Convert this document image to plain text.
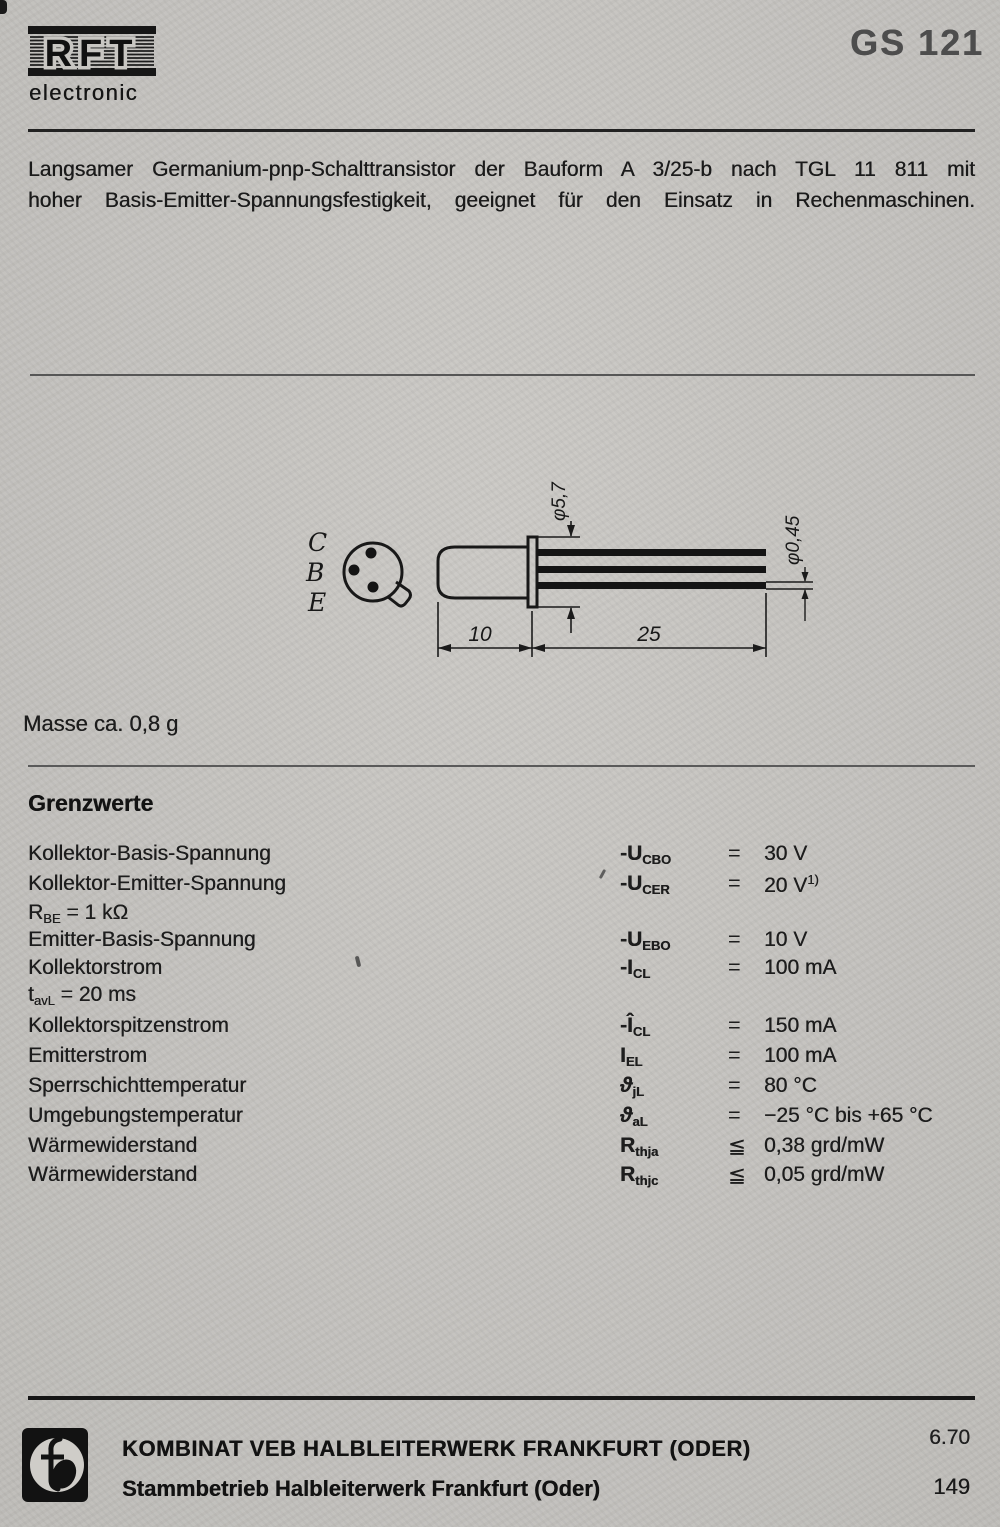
RFT
electronic
GS 121
Langsamer Germanium-pnp-Schalttransistor der Bauform A 3/25-b nach TGL 11 811 mit
hoher Basis-Emitter-Spannungsfestigkeit, geeignet für den Einsatz in Rechenmaschinen.
C
B
E
φ5,7
φ0,45
10	25
Masse ca. 0,8 g
Grenzwerte
Kollektor-Basis-Spannung	$-U_{CBO}$	= 30 V
Kollektor-Emitter-Spannung	$-U_{CER}$	= 20 $V^{1)}$
$R_{BE} = 1$ kΩ
Emitter-Basis-Spannung	$-U_{EBO}$	= 10 V
Kollektorstrom	$-I_{CL}$	= 100 mA
$t_{avL} = 20$ ms
Kollektorspitzenstrom	$-Î_{CL}$	= 150 mA
Emitterstrom	$I_{EL}$	= 100 mA
Sperrschichttemperatur	$ϑ_{jL}$	= 80 °C
Umgebungstemperatur	$ϑ_{aL}$	= −25 °C bis +65 °C
Wärmewiderstand	$R_{thja}$	≦ 0,38 grd/mW
Wärmewiderstand	$R_{thjc}$	≦ 0,05 grd/mW
KOMBINAT VEB HALBLEITERWERK FRANKFURT (ODER)
Stammbetrieb Halbleiterwerk Frankfurt (Oder)
6.70
149
